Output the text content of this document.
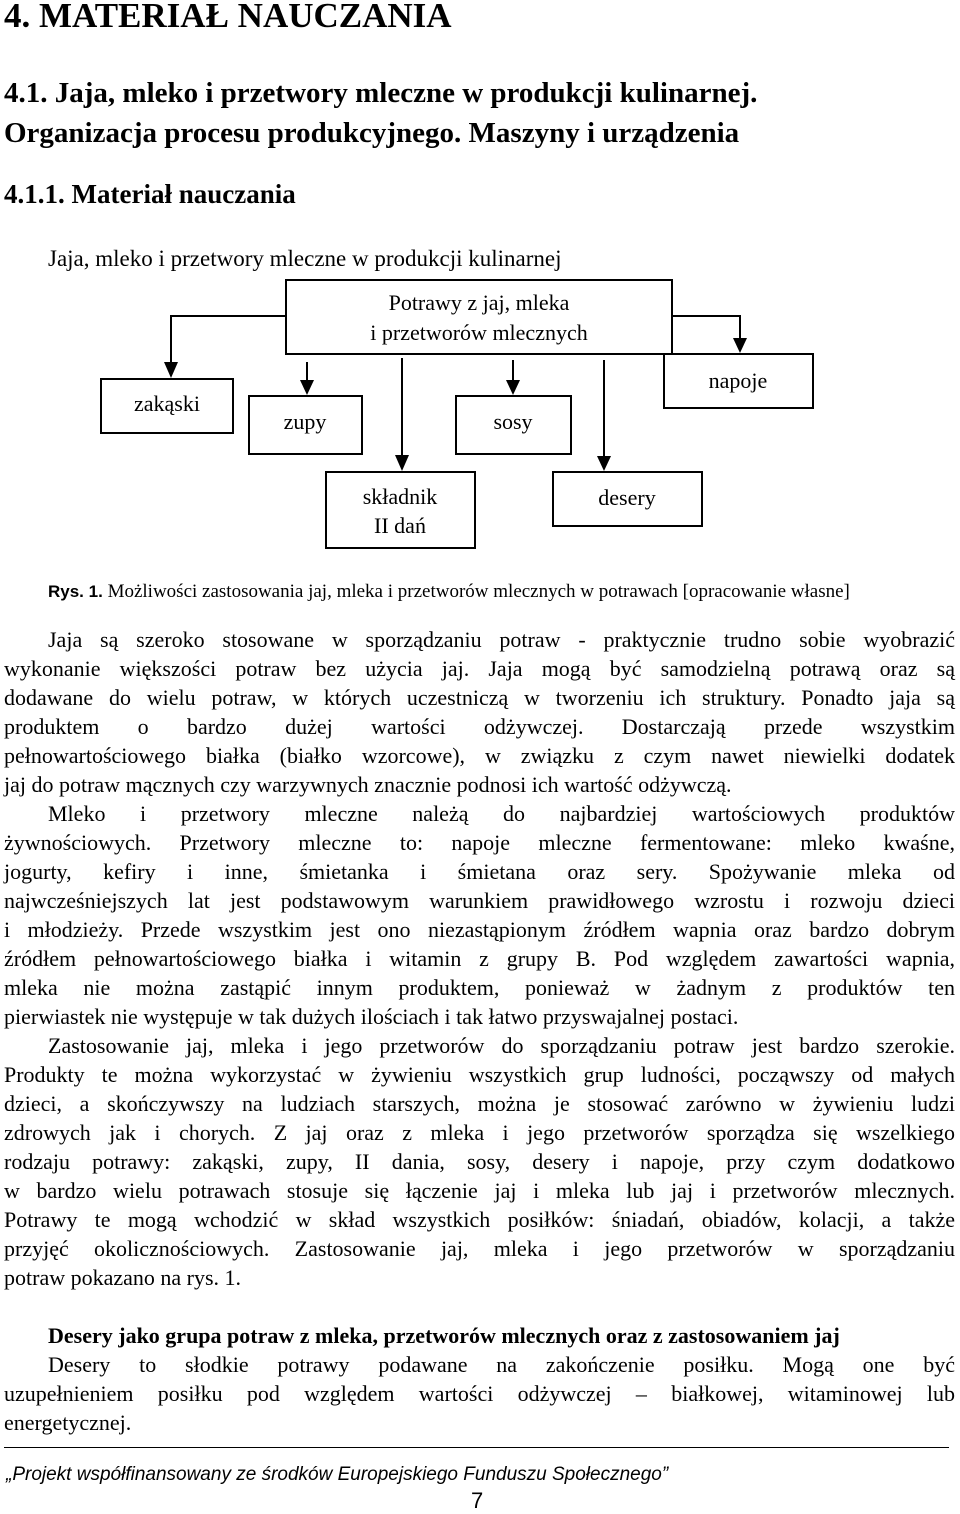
4. MATERIAŁ NAUCZANIA
4.1. Jaja, mleko i przetwory mleczne w produkcji kulinarnej.
Organizacja procesu produkcyjnego. Maszyny i urządzenia
4.1.1. Materiał nauczania
Jaja, mleko i przetwory mleczne w produkcji kulinarnej
Potrawy z jaj, mleka
i przetworów mlecznych
zakąski
zupy	sosy
napoje
składnik
II dań
desery
Rys. 1. Możliwości zastosowania jaj, mleka i przetworów mlecznych w potrawach [opracowanie własne]
Jaja są szeroko stosowane w sporządzaniu potraw - praktycznie trudno sobie wyobrazić
wykonanie większości potraw bez użycia jaj. Jaja mogą być samodzielną potrawą oraz są
dodawane do wielu potraw, w których uczestniczą w tworzeniu ich struktury. Ponadto jaja są
produktem o bardzo dużej wartości odżywczej. Dostarczają przede wszystkim
pełnowartościowego białka (białko wzorcowe), w związku z czym nawet niewielki dodatek
jaj do potraw mącznych czy warzywnych znacznie podnosi ich wartość odżywczą.
Mleko i przetwory mleczne należą do najbardziej wartościowych produktów
żywnościowych. Przetwory mleczne to: napoje mleczne fermentowane: mleko kwaśne,
jogurty, kefiry i inne, śmietanka i śmietana oraz sery. Spożywanie mleka od
najwcześniejszych lat jest podstawowym warunkiem prawidłowego wzrostu i rozwoju dzieci
i młodzieży. Przede wszystkim jest ono niezastąpionym źródłem wapnia oraz bardzo dobrym
źródłem pełnowartościowego białka i witamin z grupy B. Pod względem zawartości wapnia,
mleka nie można zastąpić innym produktem, ponieważ w żadnym z produktów ten
pierwiastek nie występuje w tak dużych ilościach i tak łatwo przyswajalnej postaci.
Zastosowanie jaj, mleka i jego przetworów do sporządzaniu potraw jest bardzo szerokie.
Produkty te można wykorzystać w żywieniu wszystkich grup ludności, począwszy od małych
dzieci, a skończywszy na ludziach starszych, można je stosować zarówno w żywieniu ludzi
zdrowych jak i chorych. Z jaj oraz z mleka i jego przetworów sporządza się wszelkiego
rodzaju potrawy: zakąski, zupy, II dania, sosy, desery i napoje, przy czym dodatkowo
w bardzo wielu potrawach stosuje się łączenie jaj i mleka lub jaj i przetworów mlecznych.
Potrawy te mogą wchodzić w skład wszystkich posiłków: śniadań, obiadów, kolacji, a także
przyjęć okolicznościowych. Zastosowanie jaj, mleka i jego przetworów w sporządzaniu
potraw pokazano na rys. 1.
Desery jako grupa potraw z mleka, przetworów mlecznych oraz z zastosowaniem jaj
Desery to słodkie potrawy podawane na zakończenie posiłku. Mogą one być
uzupełnieniem posiłku pod względem wartości odżywczej – białkowej, witaminowej lub
energetycznej.
„Projekt współfinansowany ze środków Europejskiego Funduszu Społecznego”
7
